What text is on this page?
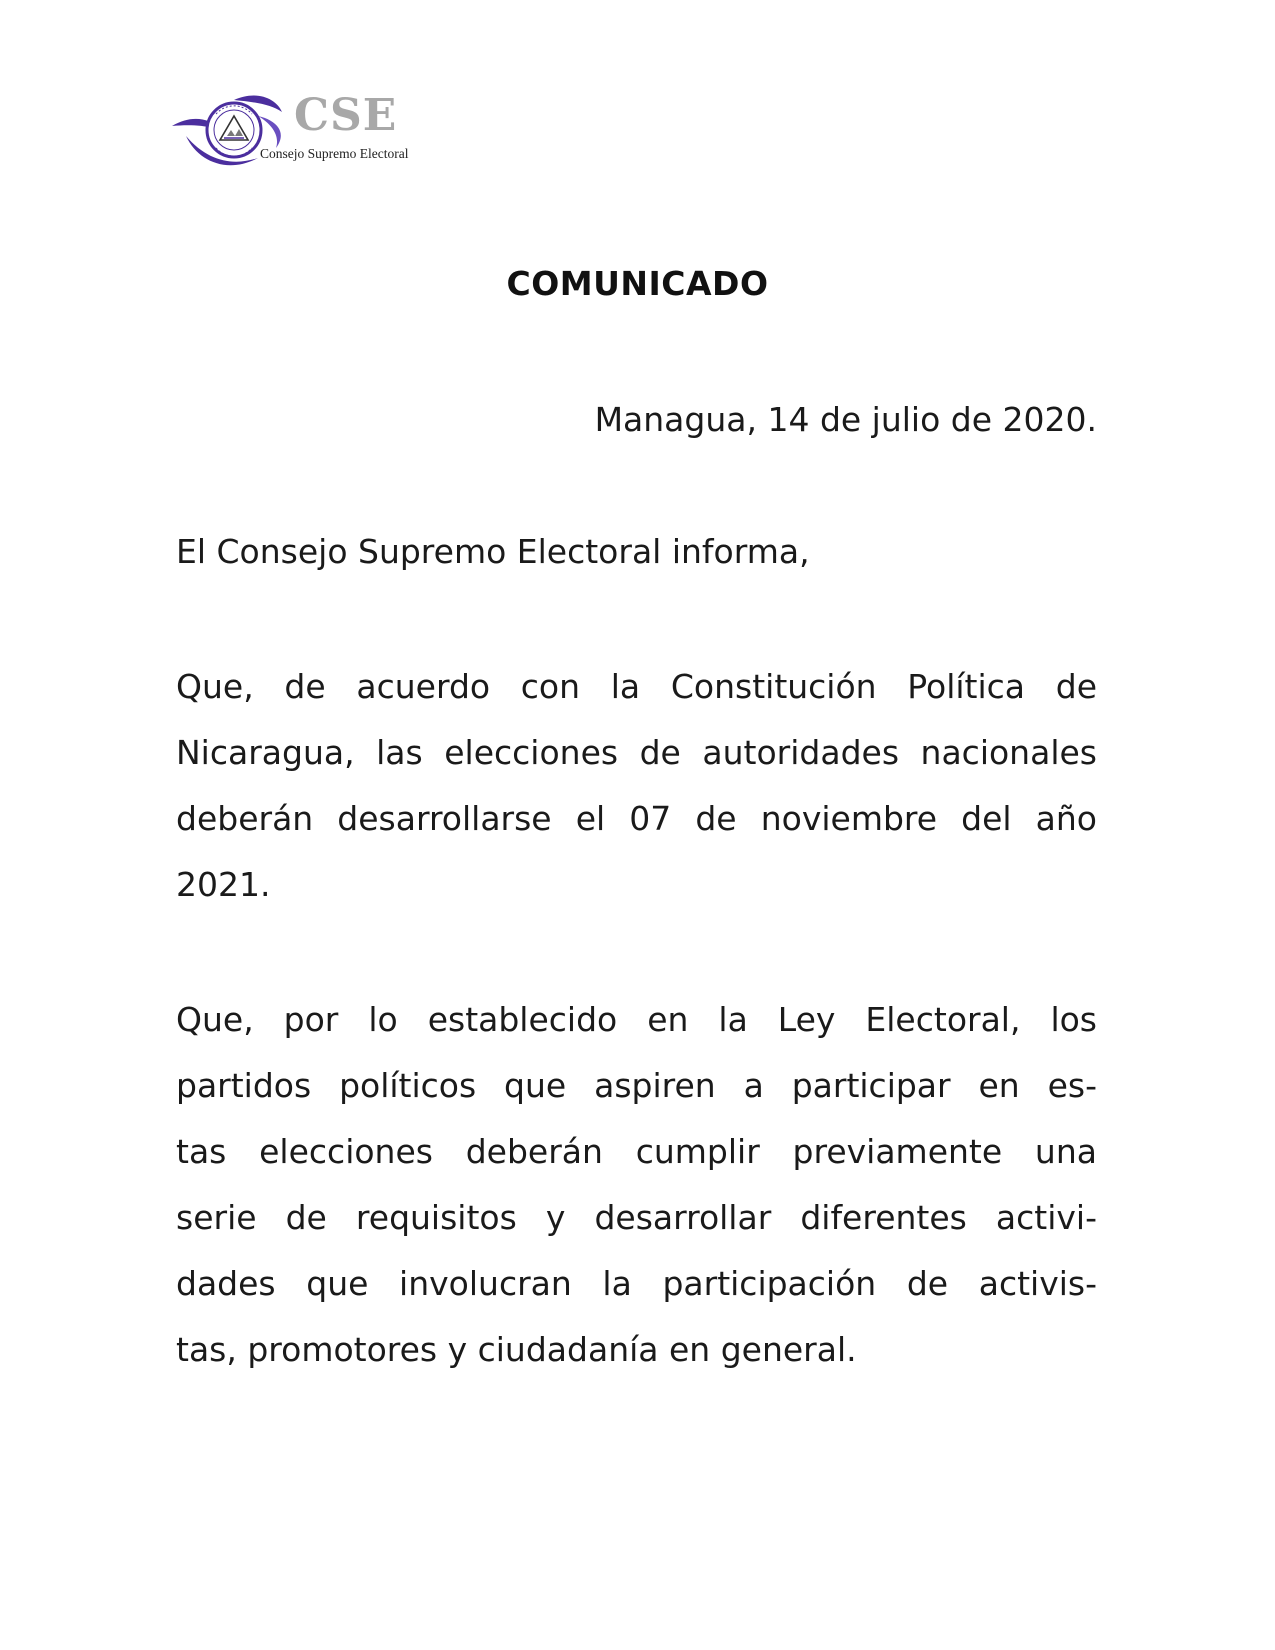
CSE
Consejo Supremo Electoral
COMUNICADO
Managua, 14 de julio de 2020.
El Consejo Supremo Electoral informa,
Que, de acuerdo con la Constitución Política de
Nicaragua, las elecciones de autoridades nacionales
deberán desarrollarse el 07 de noviembre del año
2021.
Que, por lo establecido en la Ley Electoral, los
partidos políticos que aspiren a participar en es-
tas elecciones deberán cumplir previamente una
serie de requisitos y desarrollar diferentes activi-
dades que involucran la participación de activis-
tas, promotores y ciudadanía en general.
